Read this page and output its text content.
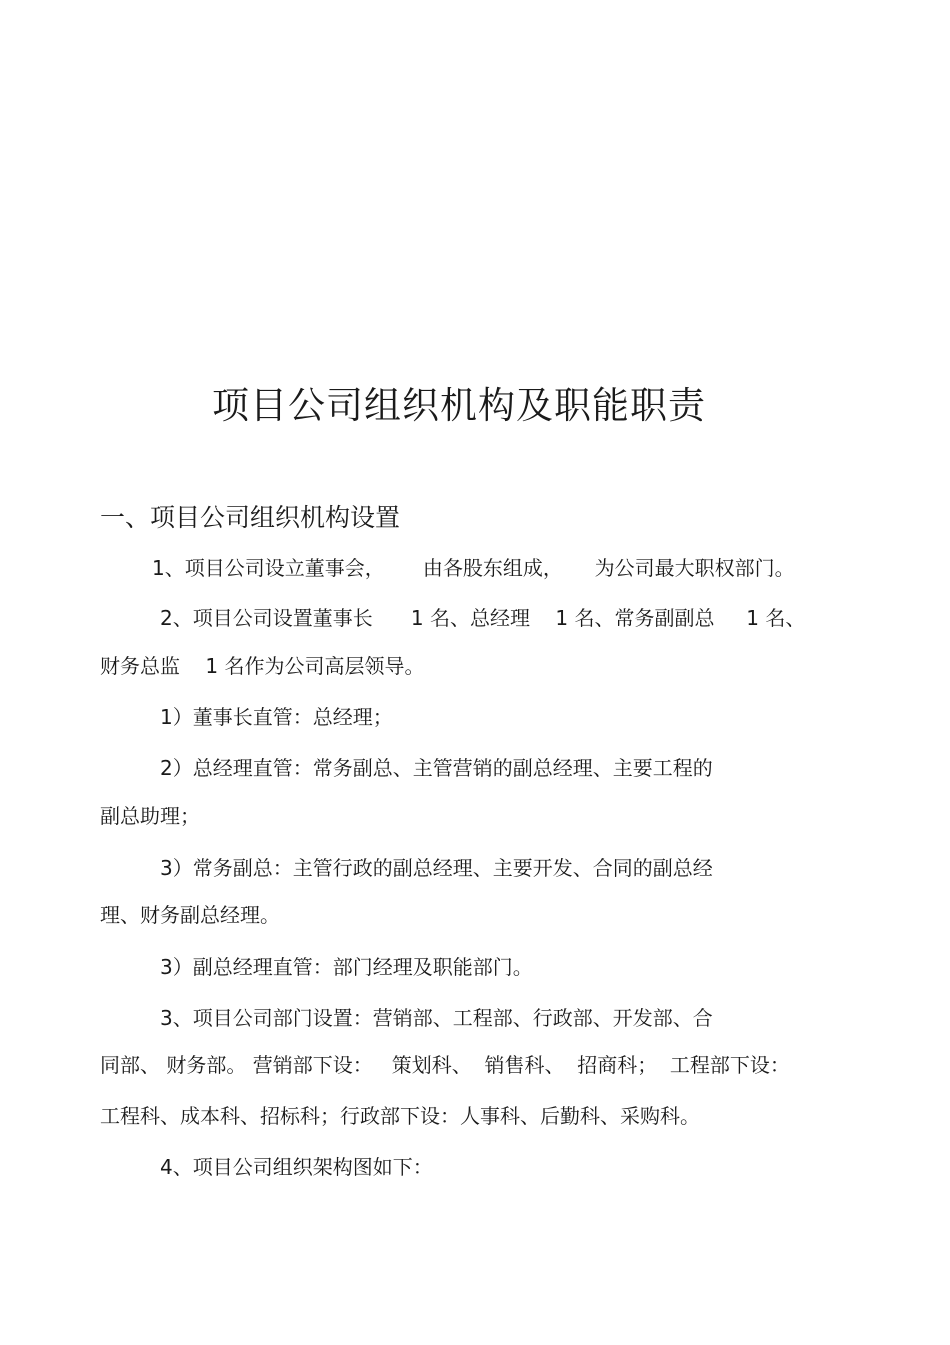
项目公司组织机构及职能职责
一、项目公司组织机构设置
1、项目公司设立董事会，      由各股东组成，     为公司最大职权部门。
2、项目公司设置董事长      1 名、总经理    1 名、常务副副总     1 名、
财务总监    1 名作为公司高层领导。
1）董事长直管：总经理；
2）总经理直管：常务副总、主管营销的副总经理、主要工程的
副总助理；
3）常务副总：主管行政的副总经理、主要开发、合同的副总经
理、财务副总经理。
3）副总经理直管：部门经理及职能部门。
3、项目公司部门设置：营销部、工程部、行政部、开发部、合
同部、 财务部。 营销部下设：   策划科、  销售科、  招商科；  工程部下设：
工程科、成本科、招标科；行政部下设：人事科、后勤科、采购科。
4、项目公司组织架构图如下：
